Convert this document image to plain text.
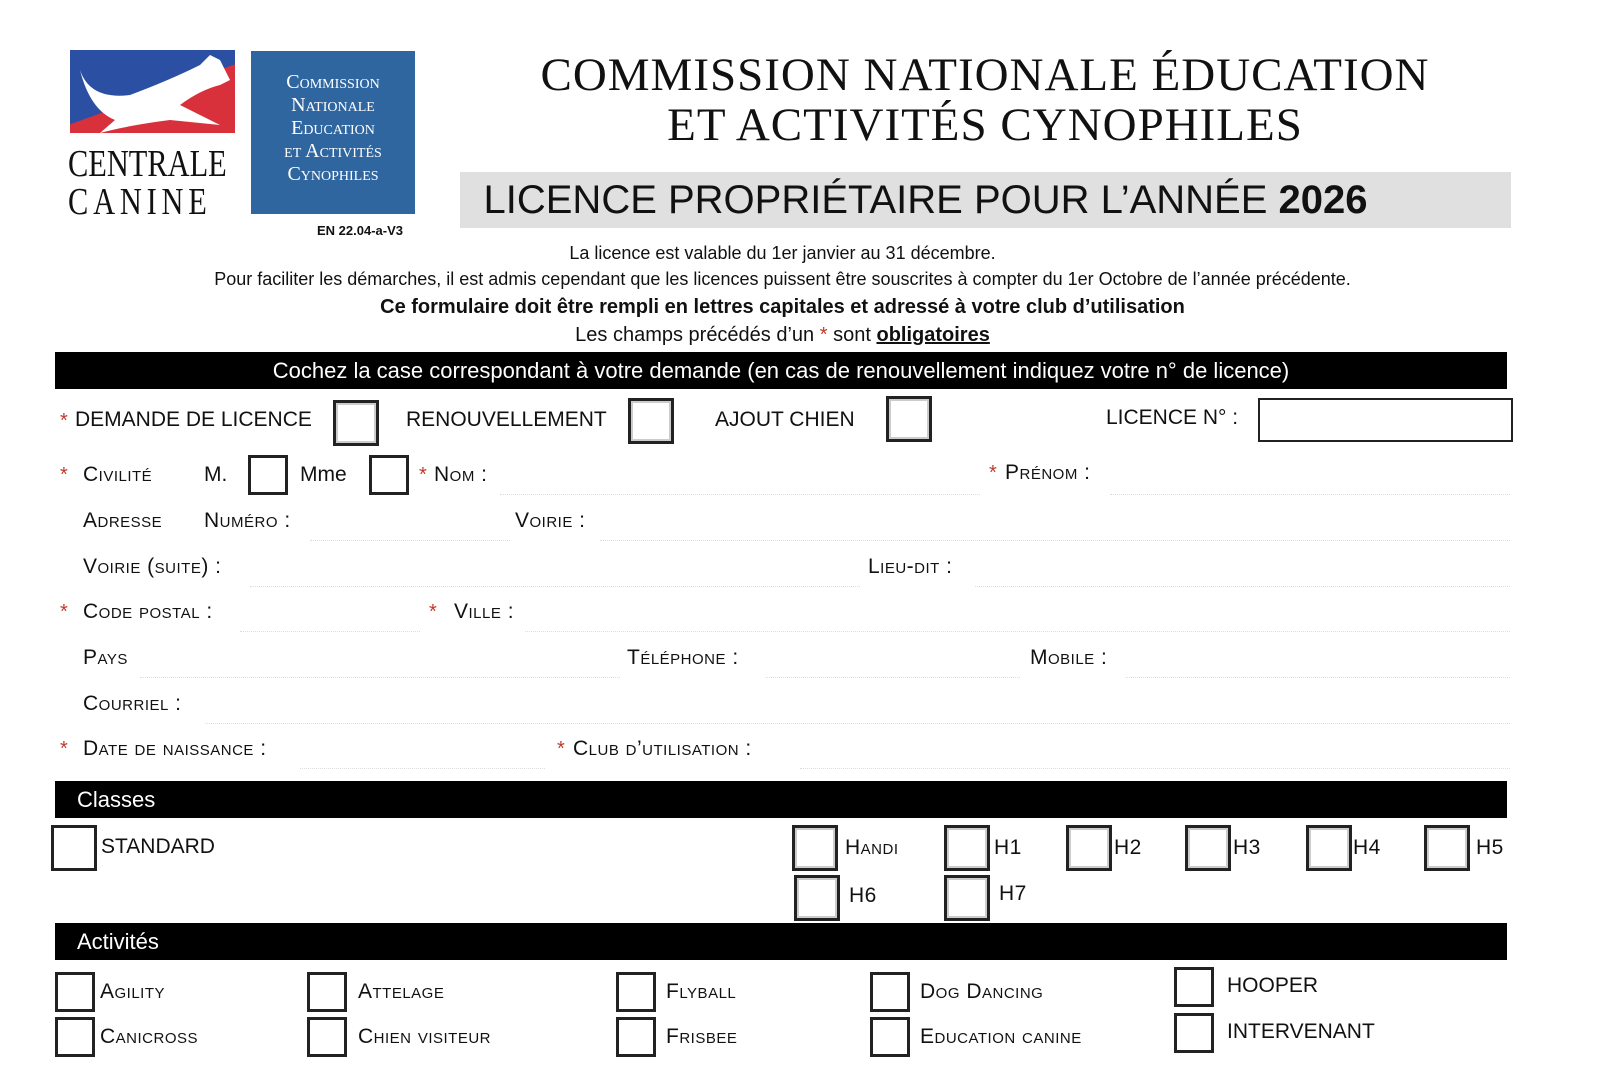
CENTRALE
CANINE
Commission
Nationale
Education
et Activités
Cynophiles
EN 22.04-a-V3
COMMISSION NATIONALE ÉDUCATION
ET ACTIVITÉS CYNOPHILES
LICENCE PROPRIÉTAIRE POUR L’ANNÉE 2026
La licence est valable du 1er janvier au 31 décembre.
Pour faciliter les démarches, il est admis cependant que les licences puissent être souscrites à compter du 1er Octobre de l’année précédente.
Ce formulaire doit être rempli en lettres capitales et adressé à votre club d’utilisation
Les champs précédés d’un * sont obligatoires
Cochez la case correspondant à votre demande (en cas de renouvellement indiquez votre n° de licence)
* DEMANDE DE LICENCE	RENOUVELLEMENT	AJOUT CHIEN	LICENCE N° :
* Civilité M.	Mme	* Nom :	* Prénom :
Adresse Numéro :	Voirie :
Voirie (suite) :	Lieu-dit :
* Code postal :	* Ville :
Pays	Téléphone :	Mobile :
Courriel :
* Date de naissance :	* Club d’utilisation :
Classes
STANDARD	Handi	H1	H2	H3	H4	H5
H6	H7
Activités
Agility	Attelage	Flyball	Dog Dancing	HOOPER
Canicross	Chien visiteur	Frisbee	Education canine	INTERVENANT
